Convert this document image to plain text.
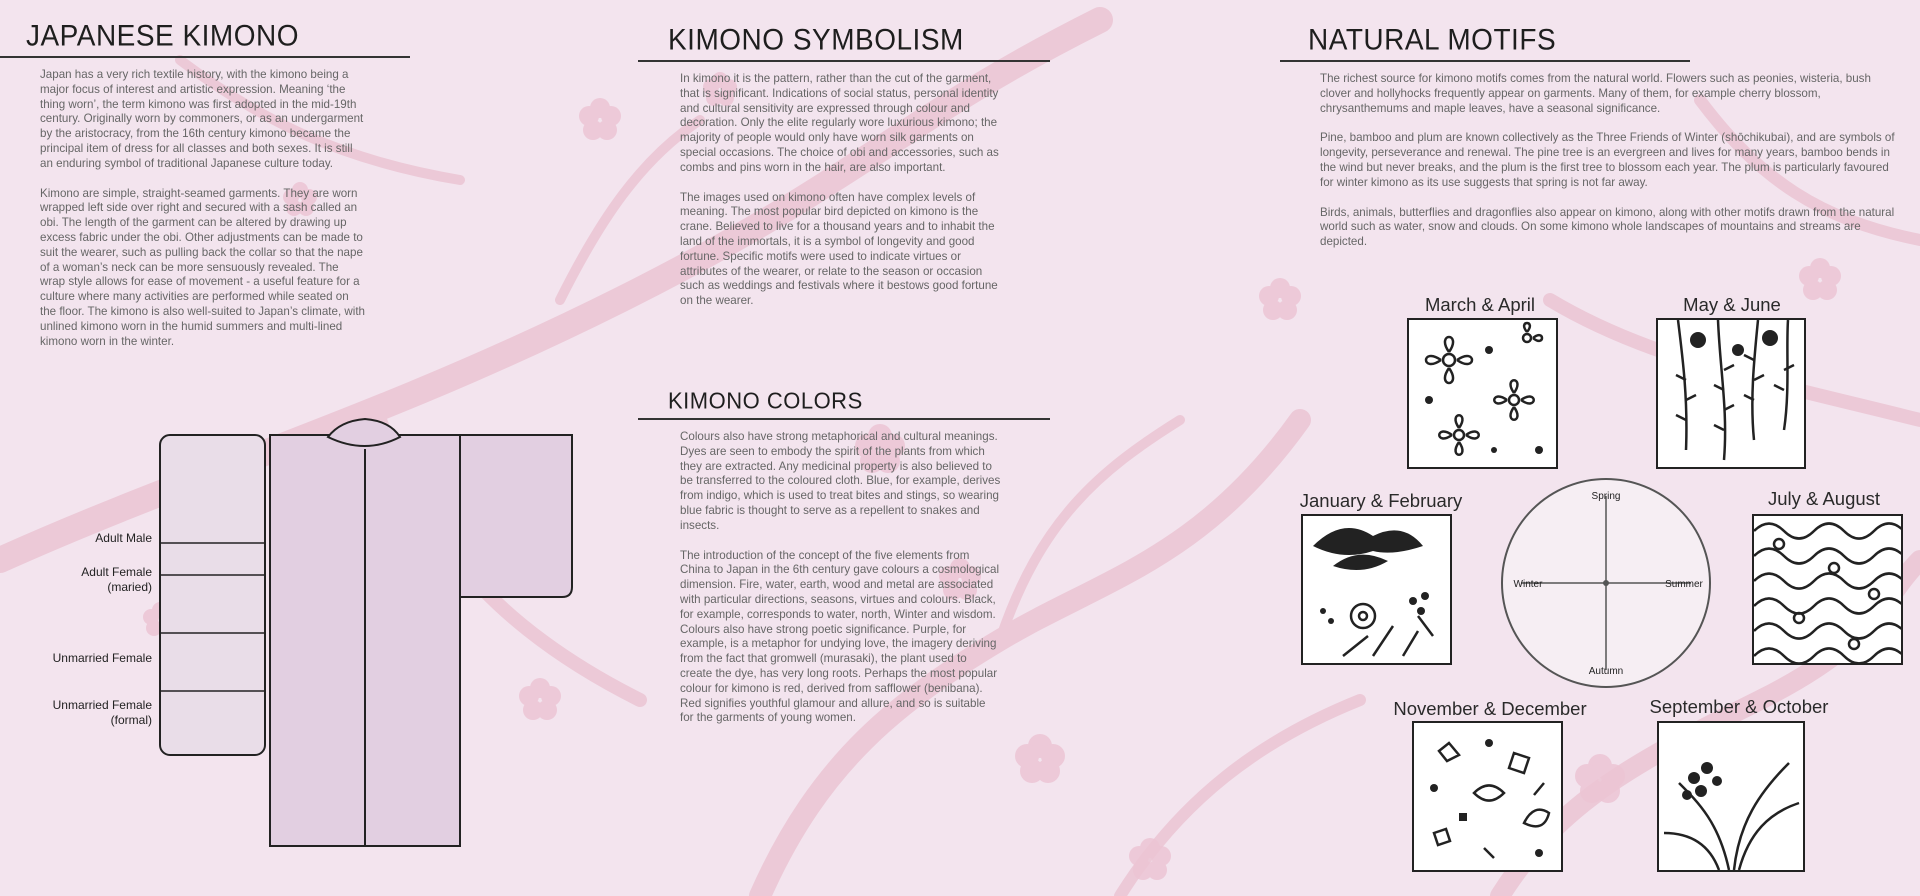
JAPANESE KIMONO

Japan has a very rich textile history, with the kimono being a major focus of interest and artistic expression. Meaning ‘the thing worn’, the term kimono was first adopted in the mid-19th century. Originally worn by commoners, or as an undergarment by the aristocracy, from the 16th century kimono became the principal item of dress for all classes and both sexes. It is still an enduring symbol of traditional Japanese culture today.

Kimono are simple, straight-seamed garments. They are worn wrapped left side over right and secured with a sash called an obi. The length of the garment can be altered by drawing up excess fabric under the obi. Other adjustments can be made to suit the wearer, such as pulling back the collar so that the nape of a woman’s neck can be more sensuously revealed. The wrap style allows for ease of movement - a useful feature for a culture where many activities are performed while seated on the floor. The kimono is also well-suited to Japan’s climate, with unlined kimono worn in the humid summers and multi-lined kimono worn in the winter.

Adult Male
Adult Female
(maried)
Unmarried Female
Unmarried Female
(formal)
KIMONO SYMBOLISM

In kimono it is the pattern, rather than the cut of the garment, that is significant. Indications of social status, personal identity and cultural sensitivity are expressed through colour and decoration. Only the elite regularly wore luxurious kimono; the majority of people would only have worn silk garments on special occasions. The choice of obi and accessories, such as combs and pins worn in the hair, are also important.

The images used on kimono often have complex levels of meaning. The most popular bird depicted on kimono is the crane. Believed to live for a thousand years and to inhabit the land of the immortals, it is a symbol of longevity and good fortune. Specific motifs were used to indicate virtues or attributes of the wearer, or relate to the season or occasion such as weddings and festivals where it bestows good fortune on the wearer.

KIMONO COLORS

Colours also have strong metaphorical and cultural meanings. Dyes are seen to embody the spirit of the plants from which they are extracted. Any medicinal property is also believed to be transferred to the coloured cloth. Blue, for example, derives from indigo, which is used to treat bites and stings, so wearing blue fabric is thought to serve as a repellent to snakes and insects.

The introduction of the concept of the five elements from China to Japan in the 6th century gave colours a cosmological dimension. Fire, water, earth, wood and metal are associated with particular directions, seasons, virtues and colours. Black, for example, corresponds to water, north, Winter and wisdom. Colours also have strong poetic significance. Purple, for example, is a metaphor for undying love, the imagery deriving from the fact that gromwell (murasaki), the plant used to create the dye, has very long roots. Perhaps the most popular colour for kimono is red, derived from safflower (benibana). Red signifies youthful glamour and allure, and so is suitable for the garments of young women.

NATURAL MOTIFS

The richest source for kimono motifs comes from the natural world. Flowers such as peonies, wisteria, bush clover and hollyhocks frequently appear on garments. Many of them, for example cherry blossom, chrysanthemums and maple leaves, have a seasonal significance.

Pine, bamboo and plum are known collectively as the Three Friends of Winter (shōchikubai), and are symbols of longevity, perseverance and renewal. The pine tree is an evergreen and lives for many years, bamboo bends in the wind but never breaks, and the plum is the first tree to blossom each year. The plum is particularly favoured for winter kimono as its use suggests that spring is not far away.

Birds, animals, butterflies and dragonflies also appear on kimono, along with other motifs drawn from the natural world such as water, snow and clouds. On some kimono whole landscapes of mountains and streams are depicted.

March & April	May & June
January & February	July & August
November & December	September & October
Spring
Summer
Autumn
Winter
